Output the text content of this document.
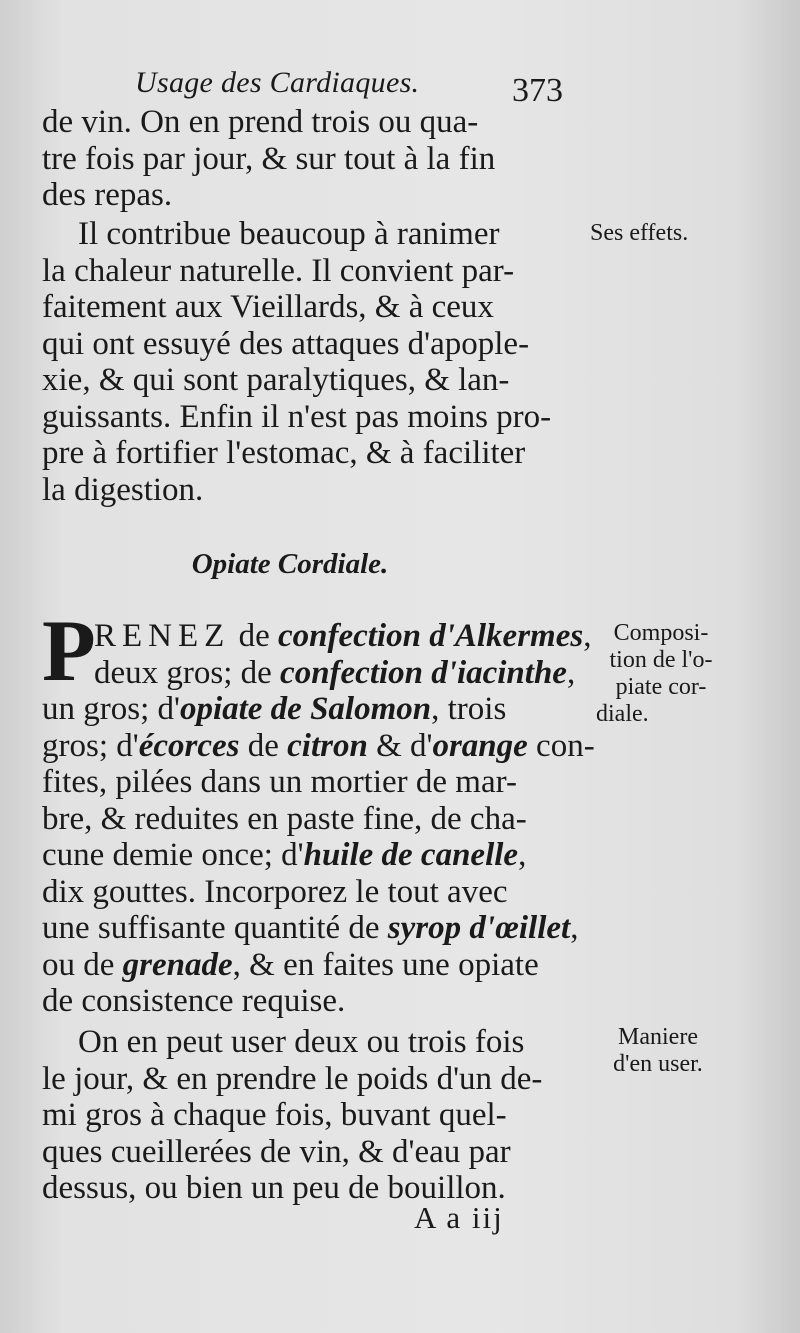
Usage des Cardiaques.	373
de vin. On en prend trois ou qua-
tre fois par jour, & sur tout à la fin
des repas.
Il contribue beaucoup à ranimer
la chaleur naturelle. Il convient par-
faitement aux Vieillards, & à ceux
qui ont essuyé des attaques d'apople-
xie, & qui sont paralytiques, & lan-
guissants. Enfin il n'est pas moins pro-
pre à fortifier l'estomac, & à faciliter
la digestion.
Ses effets.
Opiate Cordiale.
P
RENEZ de confection d'Alkermes,
deux gros; de confection d'iacinthe,
un gros; d'opiate de Salomon, trois
gros; d'écorces de citron & d'orange con-
fites, pilées dans un mortier de mar-
bre, & reduites en paste fine, de cha-
cune demie once; d'huile de canelle,
dix gouttes. Incorporez le tout avec
une suffisante quantité de syrop d'œillet,
ou de grenade, & en faites une opiate
de consistence requise.
Composi-
tion de l'o-
piate cor-
diale.
On en peut user deux ou trois fois
le jour, & en prendre le poids d'un de-
mi gros à chaque fois, buvant quel-
ques cueillerées de vin, & d'eau par
dessus, ou bien un peu de bouillon.
Maniere
d'en user.
A a iij
